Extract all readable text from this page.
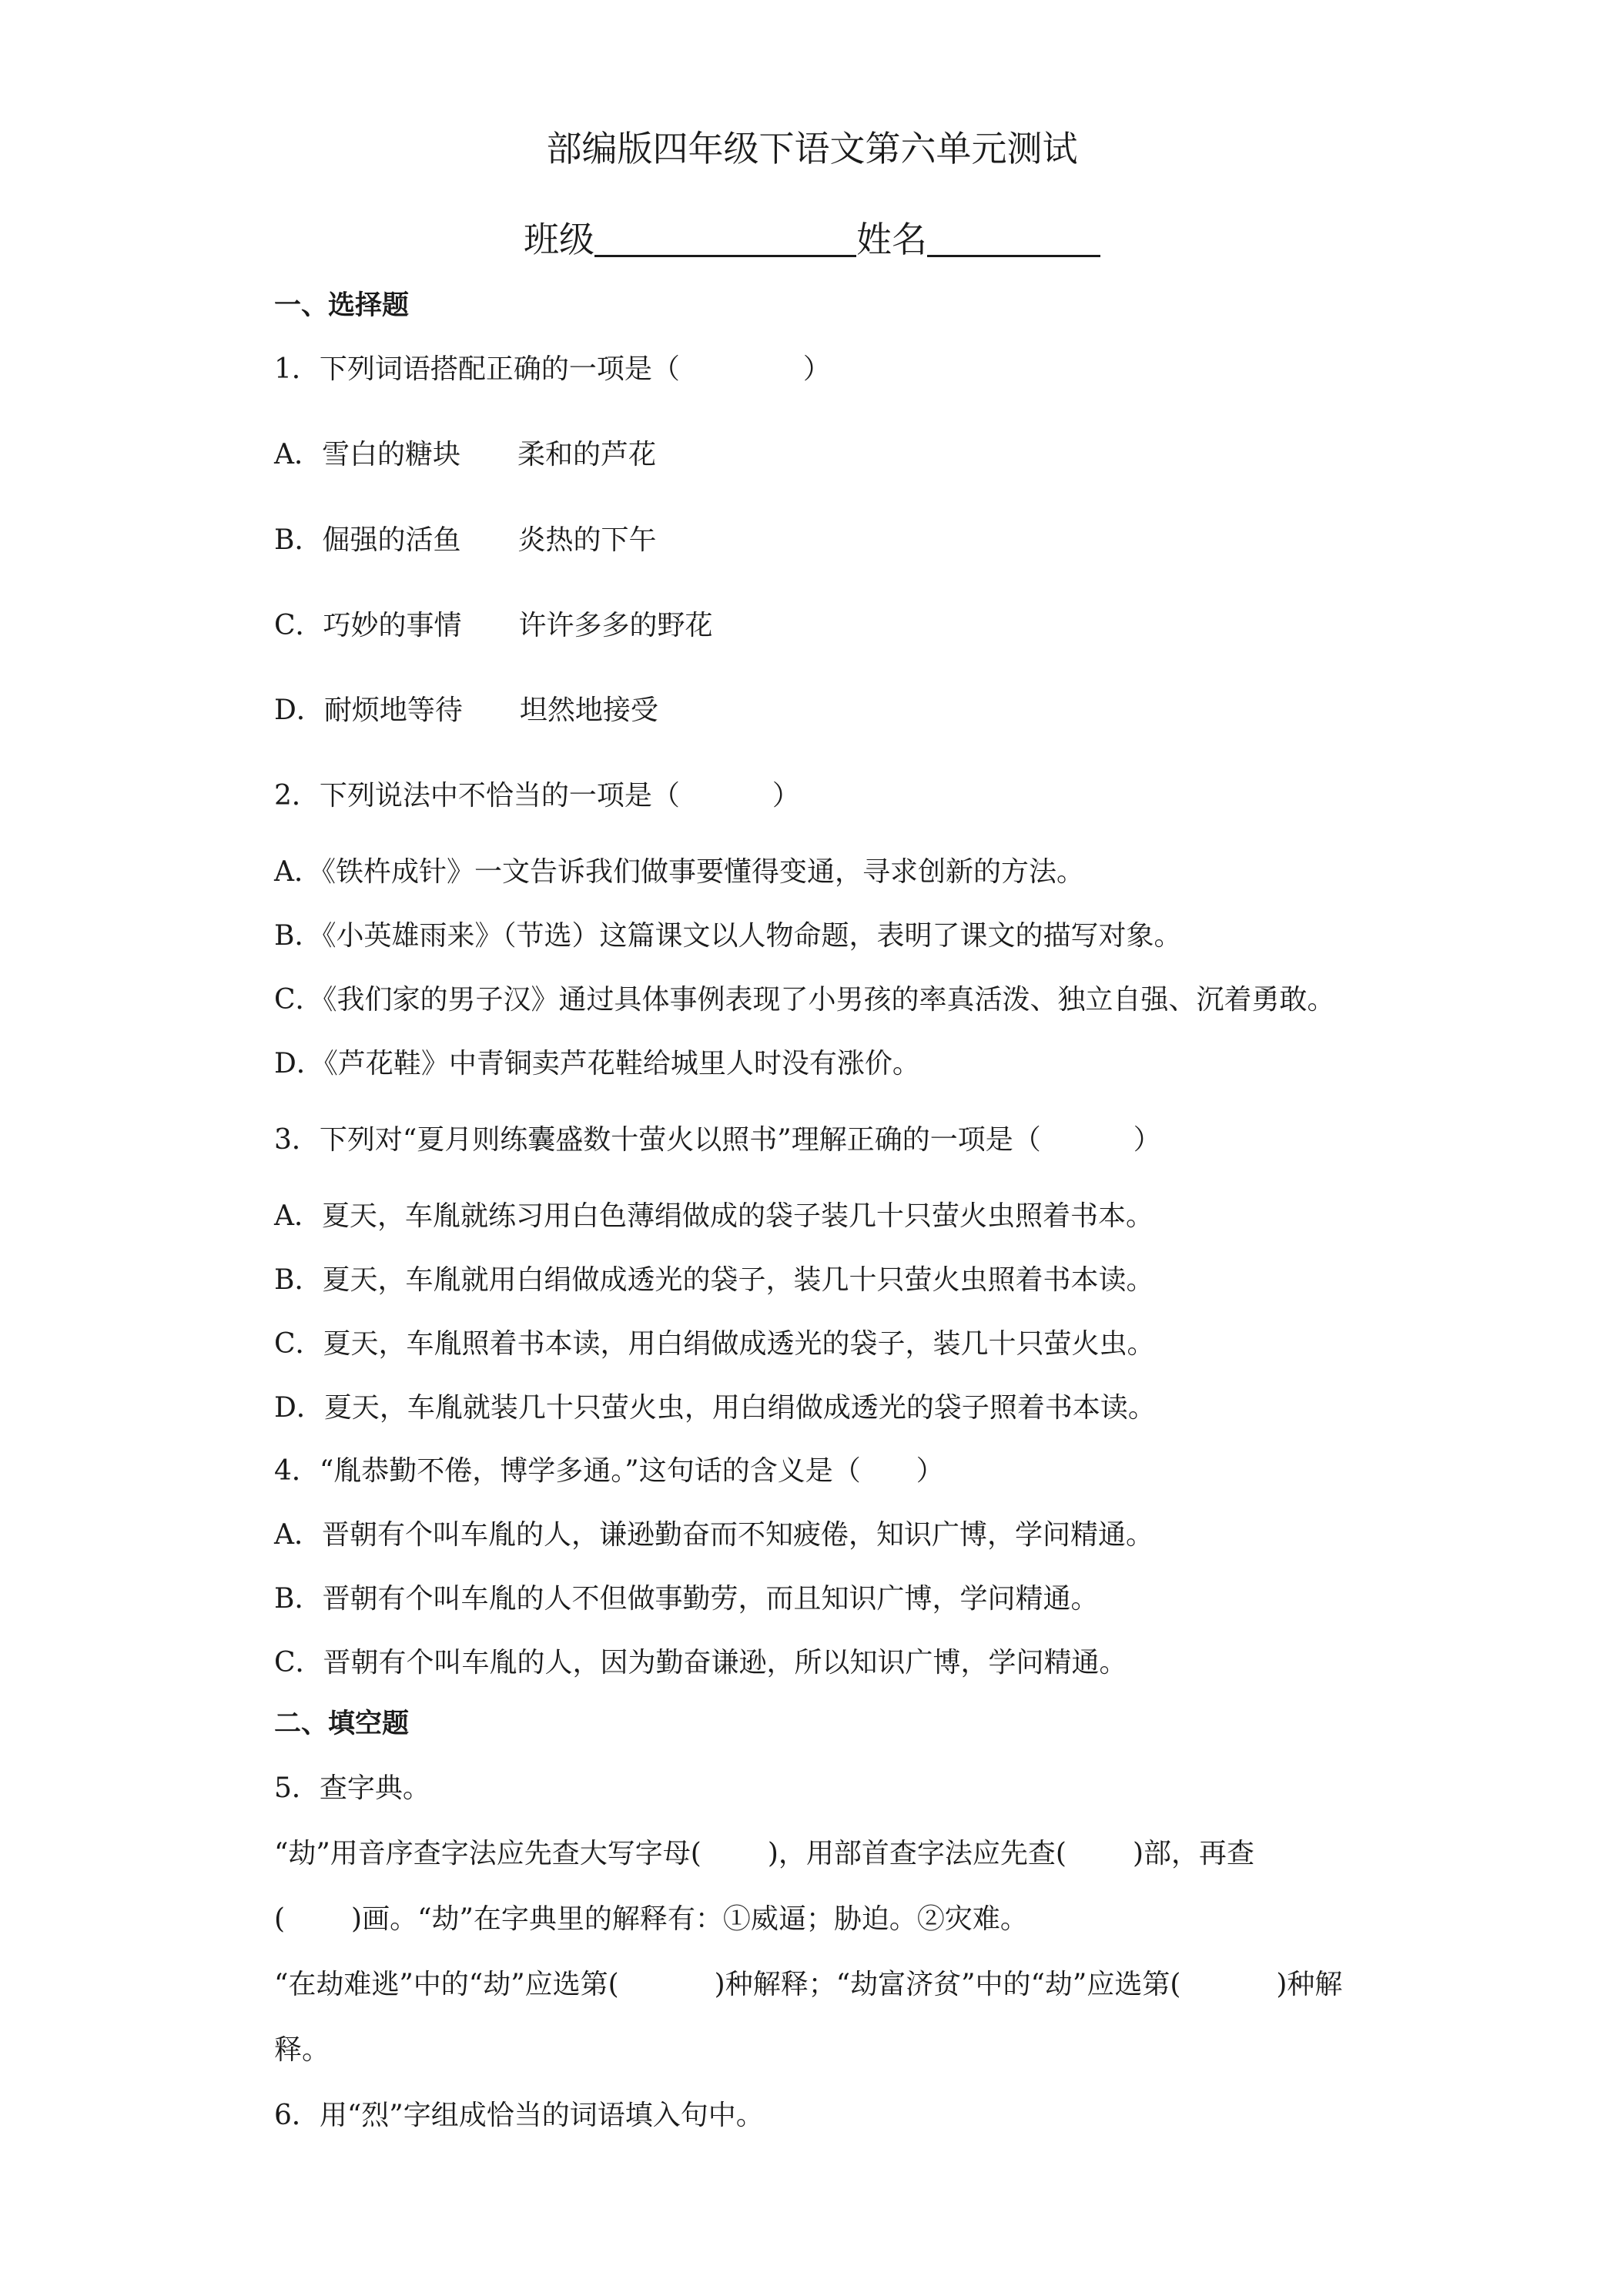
部编版四年级下语文第六单元测试
班级	姓名
一、选择题
1．下列词语搭配正确的一项是（	）
A．雪白的糖块 柔和的芦花
B．倔强的活鱼 炎热的下午
C．巧妙的事情 许许多多的野花
D．耐烦地等待 坦然地接受
2．下列说法中不恰当的一项是（	）
A．《铁杵成针》一文告诉我们做事要懂得变通，寻求创新的方法。
B．《小英雄雨来》（节选）这篇课文以人物命题，表明了课文的描写对象。
C．《我们家的男子汉》通过具体事例表现了小男孩的率真活泼、独立自强、沉着勇敢。
D．《芦花鞋》中青铜卖芦花鞋给城里人时没有涨价。
3．下列对“夏月则练囊盛数十萤火以照书”理解正确的一项是（	）
A．夏天，车胤就练习用白色薄绢做成的袋子装几十只萤火虫照着书本。
B．夏天，车胤就用白绢做成透光的袋子，装几十只萤火虫照着书本读。
C．夏天，车胤照着书本读，用白绢做成透光的袋子，装几十只萤火虫。
D．夏天，车胤就装几十只萤火虫，用白绢做成透光的袋子照着书本读。
4．“胤恭勤不倦，博学多通。”这句话的含义是（ ）
A．晋朝有个叫车胤的人，谦逊勤奋而不知疲倦，知识广博，学问精通。
B．晋朝有个叫车胤的人不但做事勤劳，而且知识广博，学问精通。
C．晋朝有个叫车胤的人，因为勤奋谦逊，所以知识广博，学问精通。
二、填空题
5．查字典。
“劫”用音序查字法应先查大写字母( )，用部首查字法应先查( )部，再查
( )画。“劫”在字典里的解释有：①威逼；胁迫。②灾难。
“在劫难逃”中的“劫”应选第(	)种解释；“劫富济贫”中的“劫”应选第(	)种解
释。
6．用“烈”字组成恰当的词语填入句中。
